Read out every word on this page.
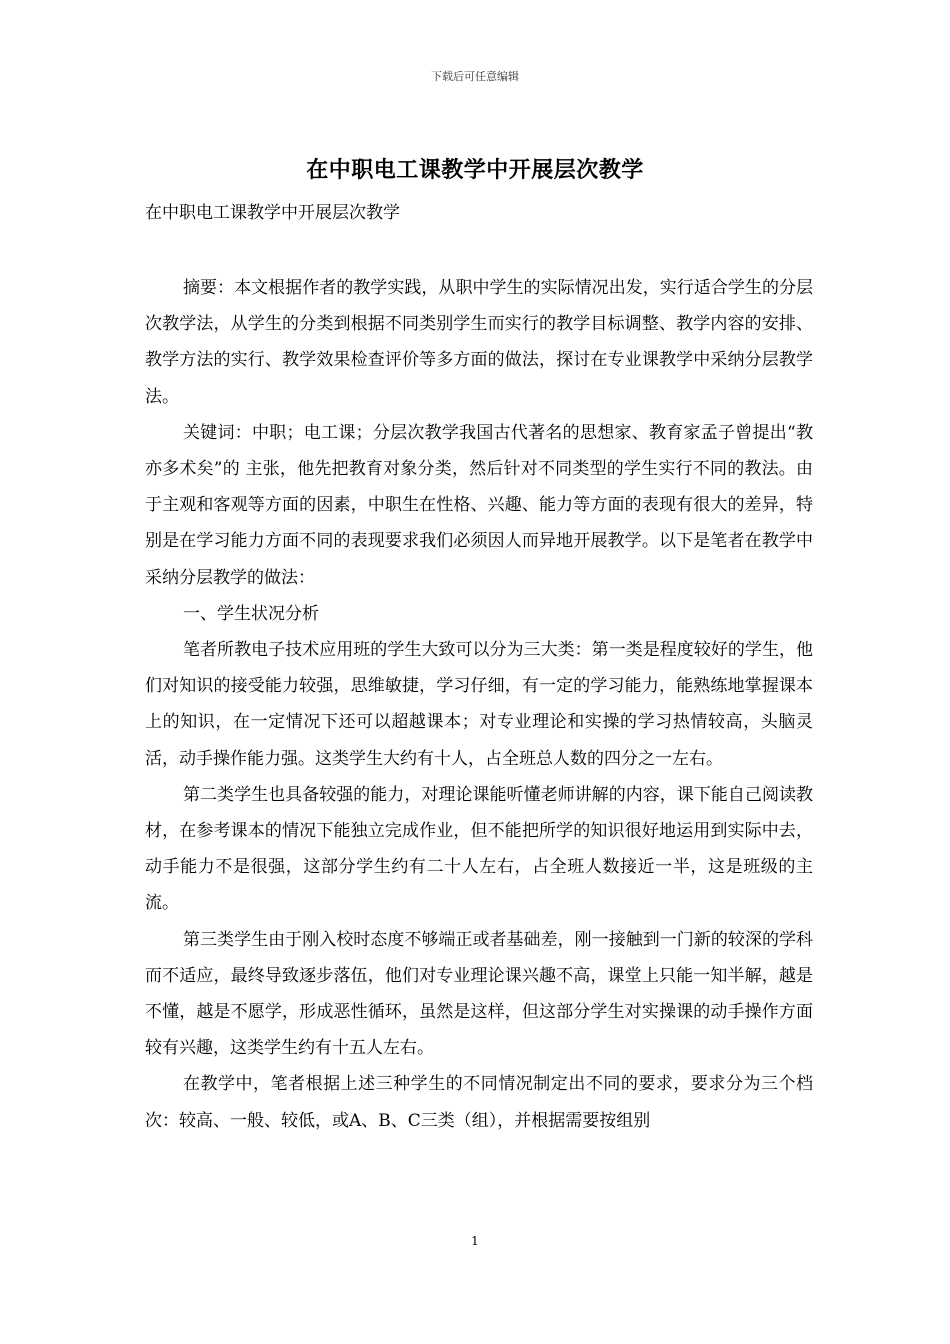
下载后可任意编辑
在中职电工课教学中开展层次教学
在中职电工课教学中开展层次教学

摘要：本文根据作者的教学实践，从职中学生的实际情况出发，实行适合学生的分层次教学法，从学生的分类到根据不同类别学生而实行的教学目标调整、教学内容的安排、教学方法的实行、教学效果检查评价等多方面的做法，探讨在专业课教学中采纳分层教学法。

关键词：中职；电工课；分层次教学我国古代著名的思想家、教育家孟子曾提出“教亦多术矣”的 主张，他先把教育对象分类，然后针对不同类型的学生实行不同的教法。由于主观和客观等方面的因素，中职生在性格、兴趣、能力等方面的表现有很大的差异，特别是在学习能力方面不同的表现要求我们必须因人而异地开展教学。以下是笔者在教学中采纳分层教学的做法：

一、学生状况分析

笔者所教电子技术应用班的学生大致可以分为三大类：第一类是程度较好的学生，他们对知识的接受能力较强，思维敏捷，学习仔细，有一定的学习能力，能熟练地掌握课本上的知识，在一定情况下还可以超越课本；对专业理论和实操的学习热情较高，头脑灵活，动手操作能力强。这类学生大约有十人，占全班总人数的四分之一左右。

第二类学生也具备较强的能力，对理论课能听懂老师讲解的内容，课下能自己阅读教材，在参考课本的情况下能独立完成作业，但不能把所学的知识很好地运用到实际中去，动手能力不是很强，这部分学生约有二十人左右，占全班人数接近一半，这是班级的主流。

第三类学生由于刚入校时态度不够端正或者基础差，刚一接触到一门新的较深的学科而不适应，最终导致逐步落伍，他们对专业理论课兴趣不高，课堂上只能一知半解，越是不懂，越是不愿学，形成恶性循环，虽然是这样，但这部分学生对实操课的动手操作方面较有兴趣，这类学生约有十五人左右。

在教学中，笔者根据上述三种学生的不同情况制定出不同的要求，要求分为三个档次：较高、一般、较低，或A、B、C三类（组），并根据需要按组别

1
